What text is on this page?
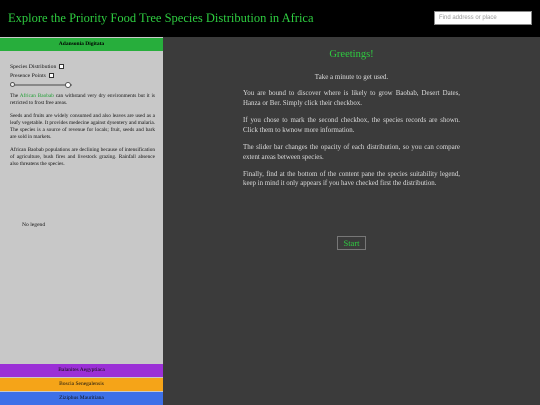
Explore the Priority Food Tree Species Distribution in Africa	Find address or place
Adansonia Digitata
Species Distribution
Presence Points

The African Baobab can withstand very dry environments but it is retricted to frost free areas.

Seeds and fruits are widely consumed and also leaves are used as a leafy vegetable. It provides medecine against dysentery and malaria. The species is a source of revenue for locals; fruit, seeds and bark are sold in markets.

African Baobab populations are declining because of intensification of agriculture, bush fires and livestock grazing. Rainfall absence also threatens the species.

No legend
Balanites Aegyptiaca
Boscia Senegalensis
Ziziphus Mauritiana
Greetings!
Take a minute to get used.

You are bound to discover where is likely to grow Baobab, Desert Dates, Hanza or Ber. Simply click their checkbox.

If you chose to mark the second checkbox, the species records are shown. Click them to kwnow more information.

The slider bar changes the opacity of each distribution, so you can compare extent areas between species.

Finally, find at the bottom of the content pane the species suitability legend, keep in mind it only appears if you have checked first the distribution.

Start
